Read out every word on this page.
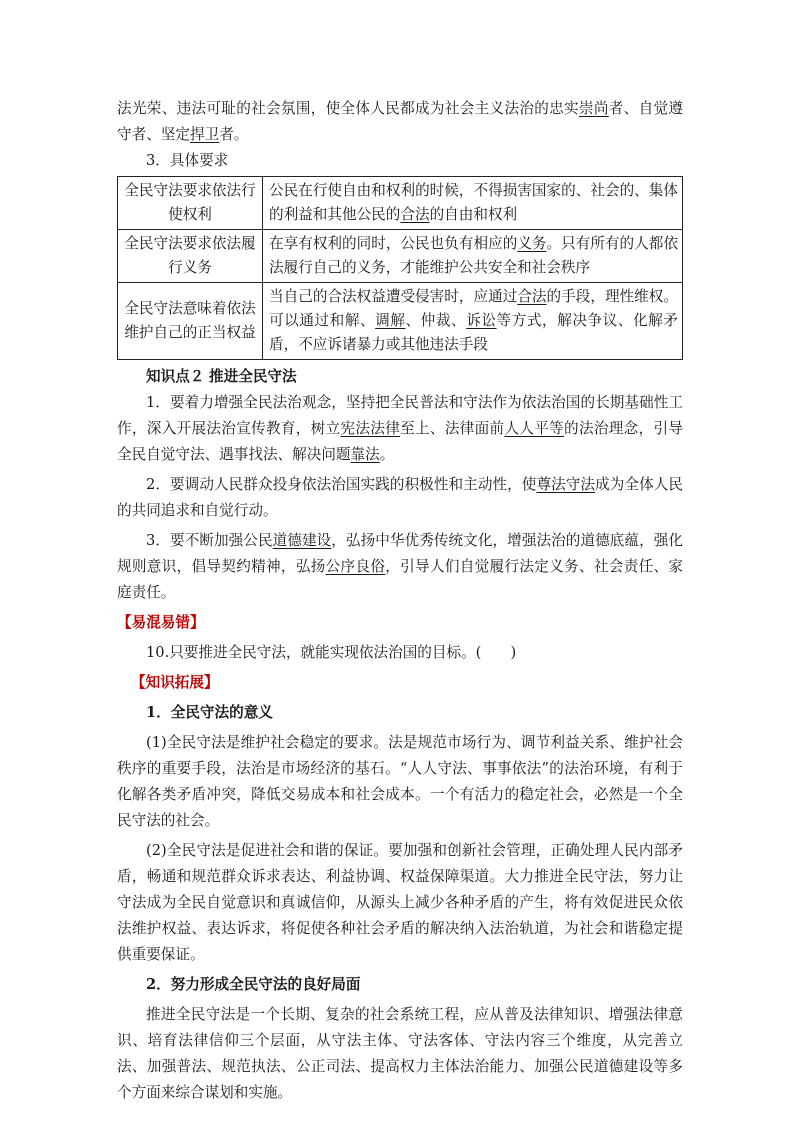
法光荣、违法可耻的社会氛围，使全体人民都成为社会主义法治的忠实崇尚者、自觉遵守者、坚定捍卫者。

3．具体要求

全民守法要求依法行使权利	公民在行使自由和权利的时候，不得损害国家的、社会的、集体的利益和其他公民的合法的自由和权利
全民守法要求依法履行义务	在享有权利的同时，公民也负有相应的义务。只有所有的人都依法履行自己的义务，才能维护公共安全和社会秩序
全民守法意味着依法维护自己的正当权益	当自己的合法权益遭受侵害时，应通过合法的手段，理性维权。可以通过和解、调解、仲裁、诉讼等方式，解决争议、化解矛盾，不应诉诸暴力或其他违法手段

知识点２ 推进全民守法

1．要着力增强全民法治观念，坚持把全民普法和守法作为依法治国的长期基础性工作，深入开展法治宣传教育，树立宪法法律至上、法律面前人人平等的法治理念，引导全民自觉守法、遇事找法、解决问题靠法。

2．要调动人民群众投身依法治国实践的积极性和主动性，使尊法守法成为全体人民的共同追求和自觉行动。

3．要不断加强公民道德建设，弘扬中华优秀传统文化，增强法治的道德底蕴，强化规则意识，倡导契约精神，弘扬公序良俗，引导人们自觉履行法定义务、社会责任、家庭责任。

【易混易错】

10.只要推进全民守法，就能实现依法治国的目标。(　　)

【知识拓展】

1．全民守法的意义

(1)全民守法是维护社会稳定的要求。法是规范市场行为、调节利益关系、维护社会秩序的重要手段，法治是市场经济的基石。“人人守法、事事依法”的法治环境，有利于化解各类矛盾冲突，降低交易成本和社会成本。一个有活力的稳定社会，必然是一个全民守法的社会。

(2)全民守法是促进社会和谐的保证。要加强和创新社会管理，正确处理人民内部矛盾，畅通和规范群众诉求表达、利益协调、权益保障渠道。大力推进全民守法，努力让守法成为全民自觉意识和真诚信仰，从源头上减少各种矛盾的产生，将有效促进民众依法维护权益、表达诉求，将促使各种社会矛盾的解决纳入法治轨道，为社会和谐稳定提供重要保证。

2．努力形成全民守法的良好局面

推进全民守法是一个长期、复杂的社会系统工程，应从普及法律知识、增强法律意识、培育法律信仰三个层面，从守法主体、守法客体、守法内容三个维度，从完善立法、加强普法、规范执法、公正司法、提高权力主体法治能力、加强公民道德建设等多个方面来综合谋划和实施。
